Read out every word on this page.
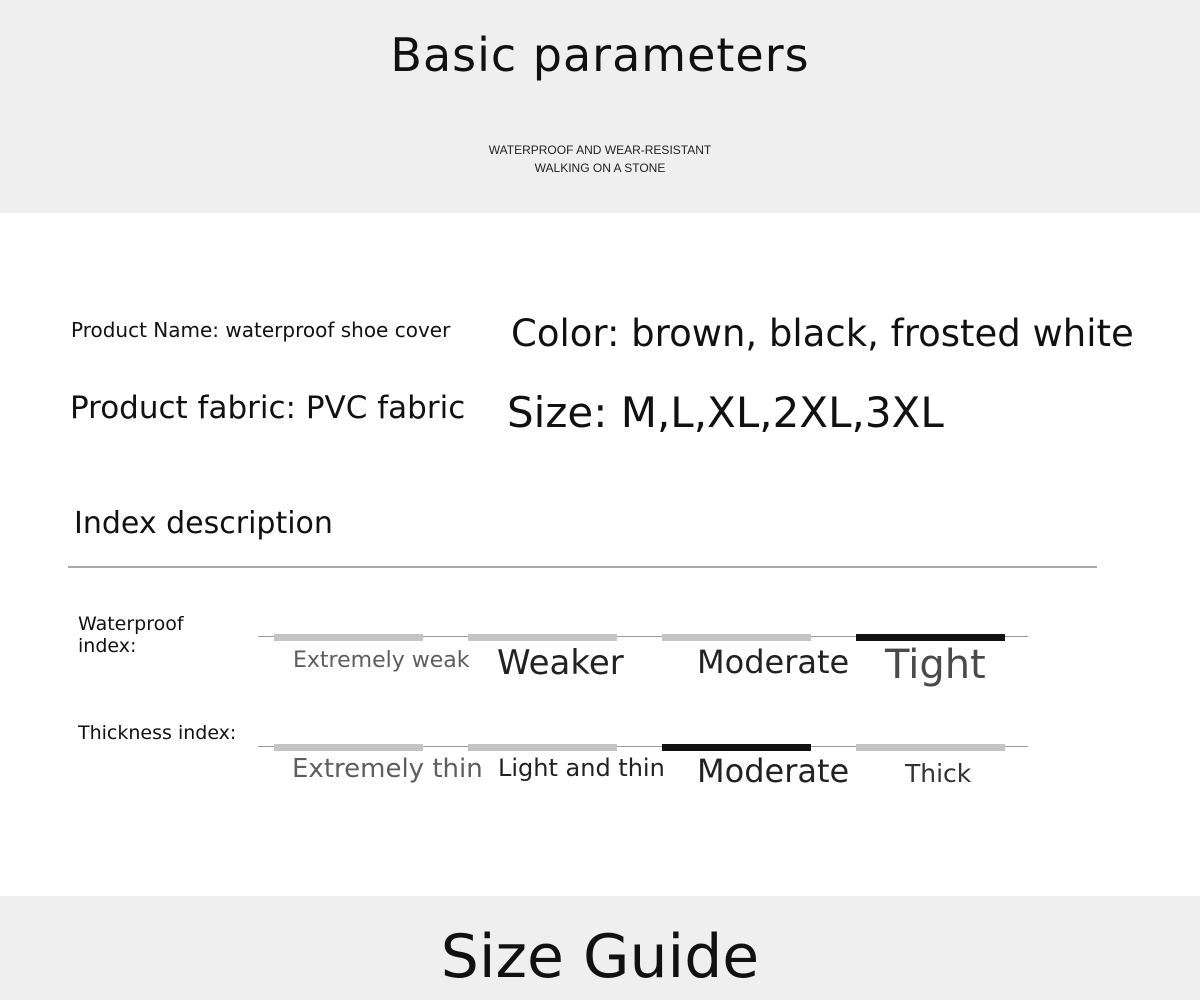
Basic parameters
WATERPROOF AND WEAR-RESISTANT
WALKING ON A STONE
Product Name: waterproof shoe cover Color: brown, black, frosted white
Product fabric: PVC fabric Size: M,L,XL,2XL,3XL
Index description
Waterproof
index:
Extremely weak Weaker Moderate Tight
Thickness index:
Extremely thin Light and thin Moderate Thick
Size Guide
